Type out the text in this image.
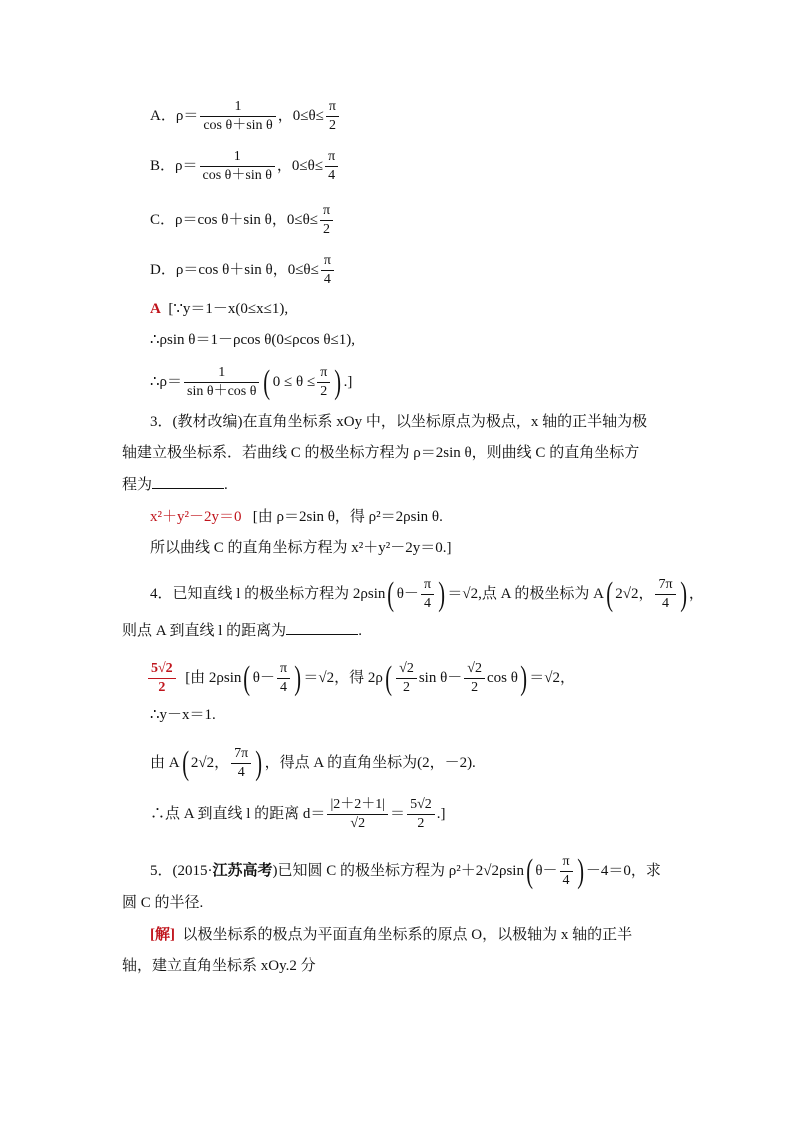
A．$\rho= \frac{1}{\text{cos θ＋sin θ}}$ ，$0\le\theta\le \frac{\pi}{2}$
B．$\rho= \frac{1}{\text{cos θ＋sin θ}}$ ，$0\le\theta\le \frac{\pi}{4}$
C．ρ＝cos θ＋sin θ，$0\le\theta\le \frac{\pi}{2}$
D．ρ＝cos θ＋sin θ，$0\le\theta\le \frac{\pi}{4}$
A [∵y＝1－x(0≤x≤1),
∴ρsin θ＝1－ρcos θ(0≤ρcos θ≤1),
∴ρ＝ $\frac{1}{\text{sin θ＋cos θ}}$ ( $0 \le \theta \le \frac{\pi}{2}$ ) .]
3．(教材改编)在直角坐标系 xOy 中，以坐标原点为极点，x 轴的正半轴为极
轴建立极坐标系．若曲线 C 的极坐标方程为 ρ＝2sin θ，则曲线 C 的直角坐标方
程为	.
x²＋y²－2y＝0 [由 ρ＝2sin θ，得 ρ²＝2ρsin θ.
所以曲线 C 的直角坐标方程为 x²＋y²－2y＝0.]
4．已知直线 l 的极坐标方程为 2ρsin( $\theta- \frac{\pi}{4}$ ) ＝√2,点 A 的极坐标为 A( 2√2， $\frac{7\pi}{4}$ ) ，
则点 A 到直线 l 的距离为	.
$\frac{5√2}{2}$ [由 2ρsin( $\theta- \frac{\pi}{4}$ ) ＝√2，得 $2\rho( \frac{√2}{2}$ $\sin \theta- \frac{√2}{2}$ cos θ) ＝√2，
∴y－x＝1.
由 A( 2√2， $\frac{7\pi}{4}$ ) ，得点 A 的直角坐标为(2，－2).
∴点 A 到直线 l 的距离 $d= \frac{|2+2+1|}{√2} = \frac{5√2}{2}$ .]
5．(2015·江苏高考)已知圆 C 的极坐标方程为 ρ²＋2√2ρsin( $\theta- \frac{\pi}{4}$ ) －4＝0，求
圆 C 的半径.
[解] 以极坐标系的极点为平面直角坐标系的原点 O，以极轴为 x 轴的正半
轴，建立直角坐标系 xOy.2 分
